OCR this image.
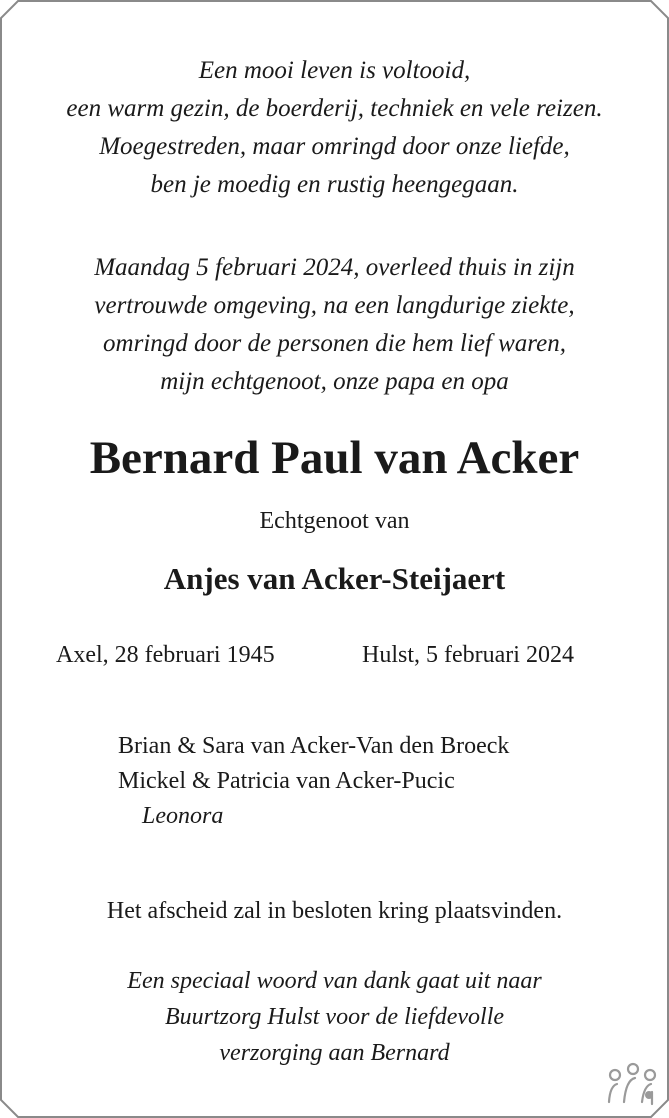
Een mooi leven is voltooid,
een warm gezin, de boerderij, techniek en vele reizen.
Moegestreden, maar omringd door onze liefde,
ben je moedig en rustig heengegaan.
Maandag 5 februari 2024, overleed thuis in zijn
vertrouwde omgeving, na een langdurige ziekte,
omringd door de personen die hem lief waren,
mijn echtgenoot, onze papa en opa
Bernard Paul van Acker
Echtgenoot van
Anjes van Acker-Steijaert
Axel, 28 februari 1945	Hulst, 5 februari 2024
Brian & Sara van Acker-Van den Broeck
Mickel & Patricia van Acker-Pucic
Leonora
Het afscheid zal in besloten kring plaatsvinden.
Een speciaal woord van dank gaat uit naar
Buurtzorg Hulst voor de liefdevolle
verzorging aan Bernard
